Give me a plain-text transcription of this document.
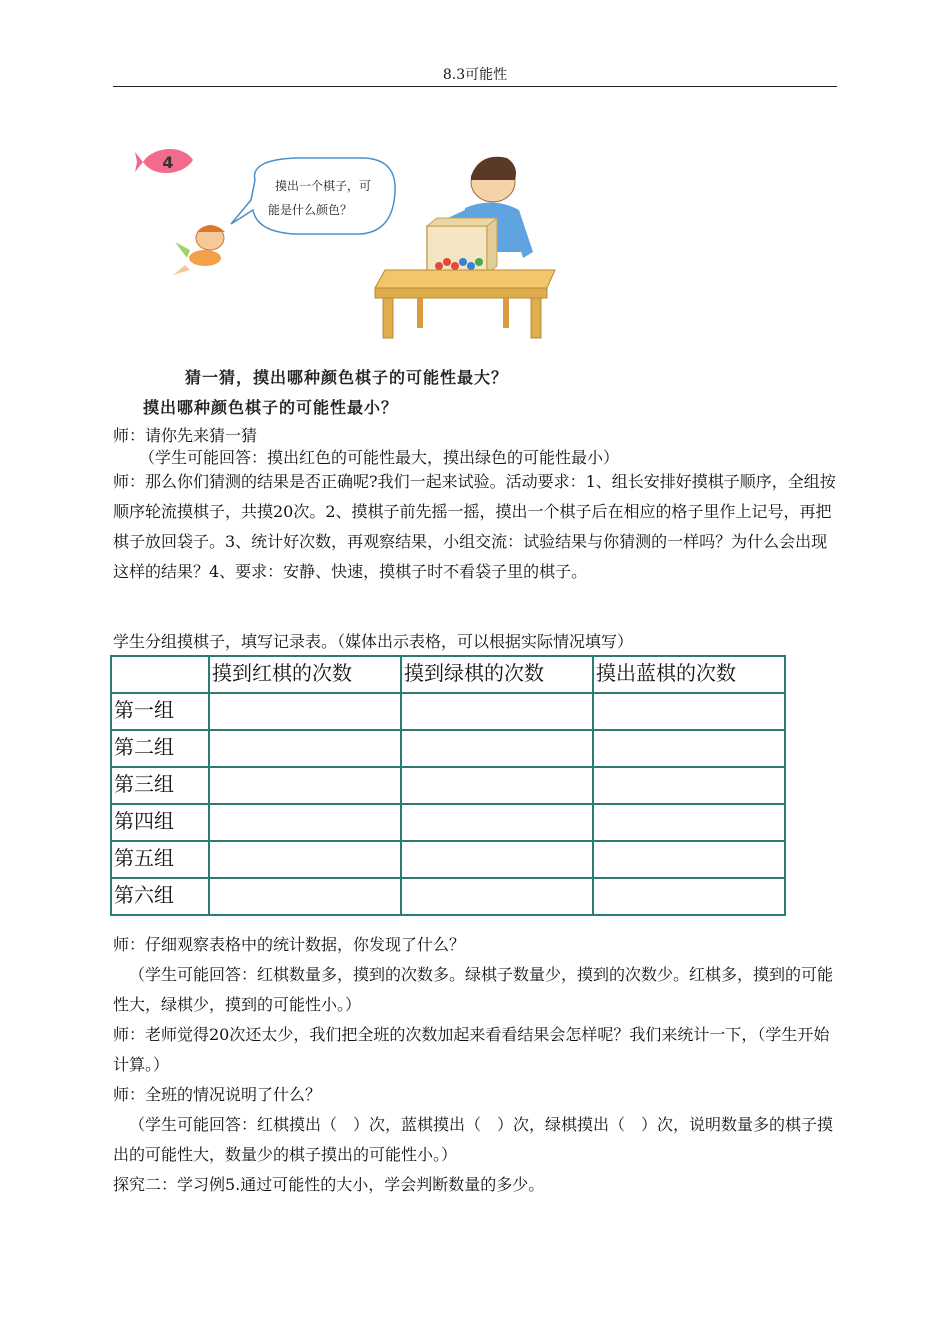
8.3可能性
4
摸出一个棋子，可
能是什么颜色？
猜一猜，摸出哪种颜色棋子的可能性最大？
摸出哪种颜色棋子的可能性最小？

师：请你先来猜一猜

（学生可能回答：摸出红色的可能性最大，摸出绿色的可能性最小）

师：那么你们猜测的结果是否正确呢?我们一起来试验。活动要求：1、组长安排好摸棋子顺序，全组按顺序轮流摸棋子，共摸20次。2、摸棋子前先摇一摇，摸出一个棋子后在相应的格子里作上记号，再把棋子放回袋子。3、统计好次数，再观察结果，小组交流：试验结果与你猜测的一样吗？为什么会出现这样的结果？4、要求：安静、快速，摸棋子时不看袋子里的棋子。

学生分组摸棋子，填写记录表。（媒体出示表格，可以根据实际情况填写）

	摸到红棋的次数	摸到绿棋的次数	摸出蓝棋的次数
第一组			
第二组			
第三组			
第四组			
第五组			
第六组			

师：仔细观察表格中的统计数据，你发现了什么？

（学生可能回答：红棋数量多，摸到的次数多。绿棋子数量少，摸到的次数少。红棋多，摸到的可能性大，绿棋少，摸到的可能性小。）

师：老师觉得20次还太少，我们把全班的次数加起来看看结果会怎样呢？我们来统计一下，（学生开始计算。）

师：全班的情况说明了什么？

（学生可能回答：红棋摸出（　）次，蓝棋摸出（　）次，绿棋摸出（　）次，说明数量多的棋子摸出的可能性大，数量少的棋子摸出的可能性小。）

探究二：学习例5.通过可能性的大小，学会判断数量的多少。
